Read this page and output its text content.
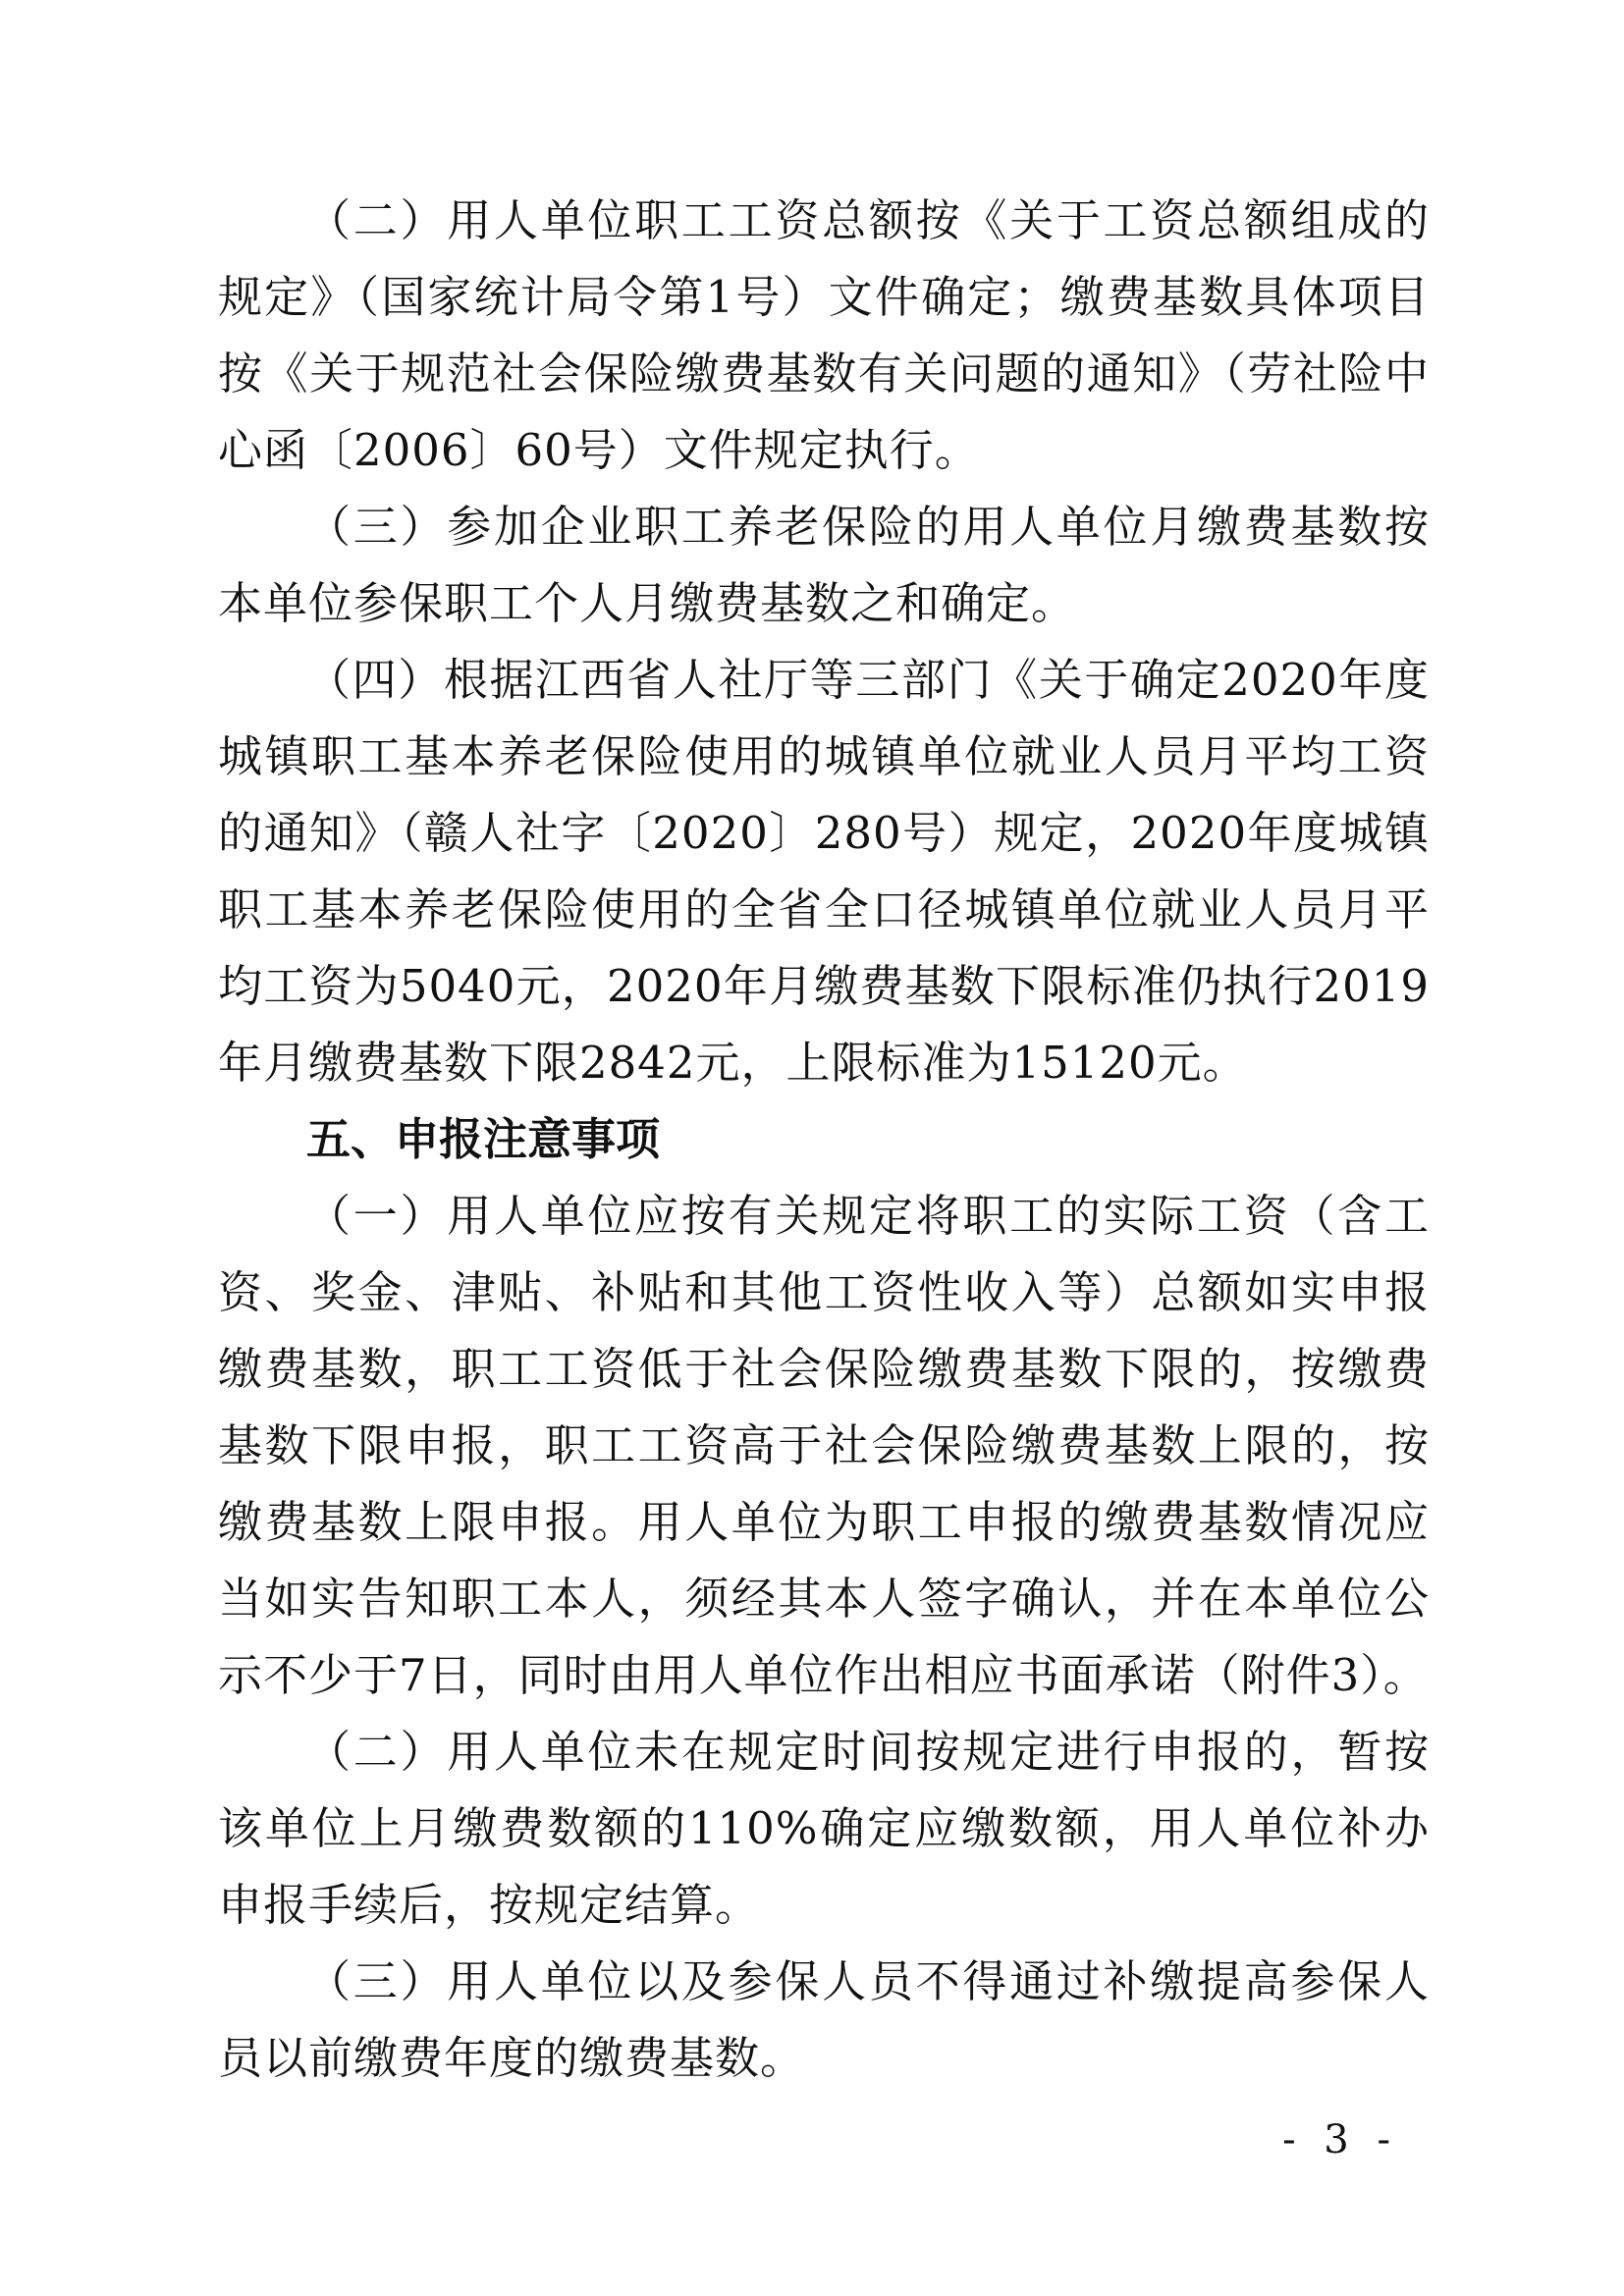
（二）用人单位职工工资总额按《关于工资总额组成的规定》（国家统计局令第1号）文件确定；缴费基数具体项目按《关于规范社会保险缴费基数有关问题的通知》（劳社险中心函〔2006〕60号）文件规定执行。

（三）参加企业职工养老保险的用人单位月缴费基数按本单位参保职工个人月缴费基数之和确定。

（四）根据江西省人社厅等三部门《关于确定2020年度城镇职工基本养老保险使用的城镇单位就业人员月平均工资的通知》（赣人社字〔2020〕280号）规定，2020年度城镇职工基本养老保险使用的全省全口径城镇单位就业人员月平均工资为5040元，2020年月缴费基数下限标准仍执行2019年月缴费基数下限2842元，上限标准为15120元。

五、申报注意事项

（一）用人单位应按有关规定将职工的实际工资（含工资、奖金、津贴、补贴和其他工资性收入等）总额如实申报缴费基数，职工工资低于社会保险缴费基数下限的，按缴费基数下限申报，职工工资高于社会保险缴费基数上限的，按缴费基数上限申报。用人单位为职工申报的缴费基数情况应当如实告知职工本人，须经其本人签字确认，并在本单位公示不少于7日，同时由用人单位作出相应书面承诺（附件3）。

（二）用人单位未在规定时间按规定进行申报的，暂按该单位上月缴费数额的110%确定应缴数额，用人单位补办申报手续后，按规定结算。

（三）用人单位以及参保人员不得通过补缴提高参保人员以前缴费年度的缴费基数。

- 3 -
